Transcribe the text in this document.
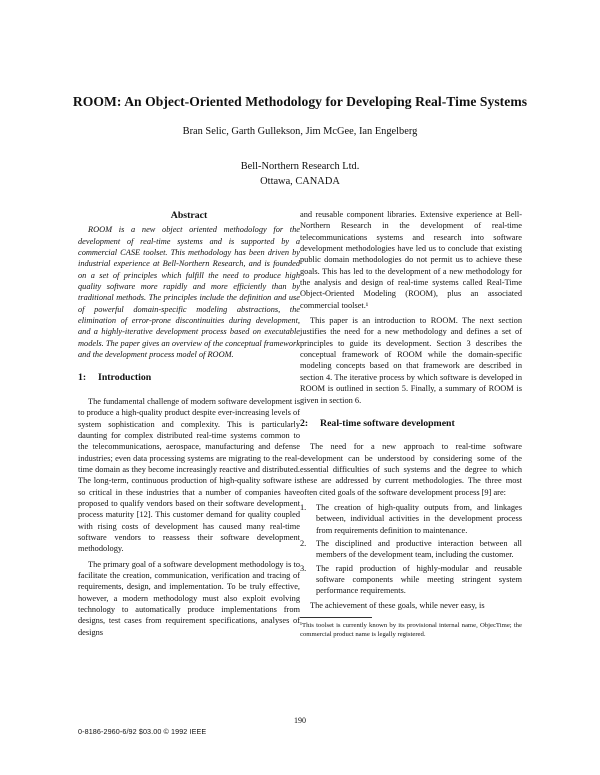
ROOM: An Object-Oriented Methodology for Developing Real-Time Systems
Bran Selic, Garth Gullekson, Jim McGee, Ian Engelberg
Bell-Northern Research Ltd.
Ottawa, CANADA
Abstract

ROOM is a new object oriented methodology for the development of real-time systems and is supported by a commercial CASE toolset. This methodology has been driven by industrial experience at Bell-Northern Research, and is founded on a set of principles which fulfill the need to produce high quality software more rapidly and more efficiently than by traditional methods. The principles include the definition and use of powerful domain-specific modeling abstractions, the elimination of error-prone discontinuities during development, and a highly-iterative development process based on executable models. The paper gives an overview of the conceptual framework and the development process model of ROOM.

1:	Introduction

The fundamental challenge of modern software development is to produce a high-quality product despite ever-increasing levels of system sophistication and complexity. This is particularly daunting for complex distributed real-time systems common to the telecommunications, aerospace, manufacturing and defense industries; even data processing systems are migrating to the real-time domain as they become increasingly reactive and distributed. The long-term, continuous production of high-quality software is so critical in these industries that a number of companies have proposed to qualify vendors based on their software development process maturity [12]. This customer demand for quality coupled with rising costs of development has caused many real-time software vendors to reassess their software development methodology.

The primary goal of a software development methodology is to facilitate the creation, communication, verification and tracing of requirements, design, and implementation. To be truly effective, however, a modern methodology must also exploit evolving technology to automatically produce implementations from designs, test cases from requirement specifications, analyses of designs

and reusable component libraries. Extensive experience at Bell-Northern Research in the development of real-time telecommunications systems and research into software development methodologies have led us to conclude that existing public domain methodologies do not permit us to achieve these goals. This has led to the development of a new methodology for the analysis and design of real-time systems called Real-Time Object-Oriented Modeling (ROOM), plus an associated commercial toolset.¹

This paper is an introduction to ROOM. The next section justifies the need for a new methodology and defines a set of principles to guide its development. Section 3 describes the conceptual framework of ROOM while the domain-specific modeling concepts based on that framework are described in section 4. The iterative process by which software is developed in ROOM is outlined in section 5. Finally, a summary of ROOM is given in section 6.

2:	Real-time software development

The need for a new approach to real-time software development can be understood by considering some of the essential difficulties of such systems and the degree to which these are addressed by current methodologies. The three most often cited goals of the software development process [9] are:

1.	The creation of high-quality outputs from, and linkages between, individual activities in the development process from requirements definition to maintenance.
2.	The disciplined and productive interaction between all members of the development team, including the customer.
3.	The rapid production of highly-modular and reusable software components while meeting stringent system performance requirements.

The achievement of these goals, while never easy, is

¹This toolset is currently known by its provisional internal name, ObjecTime; the commercial product name is legally registered.
190
0-8186-2960-6/92 $03.00 © 1992 IEEE
